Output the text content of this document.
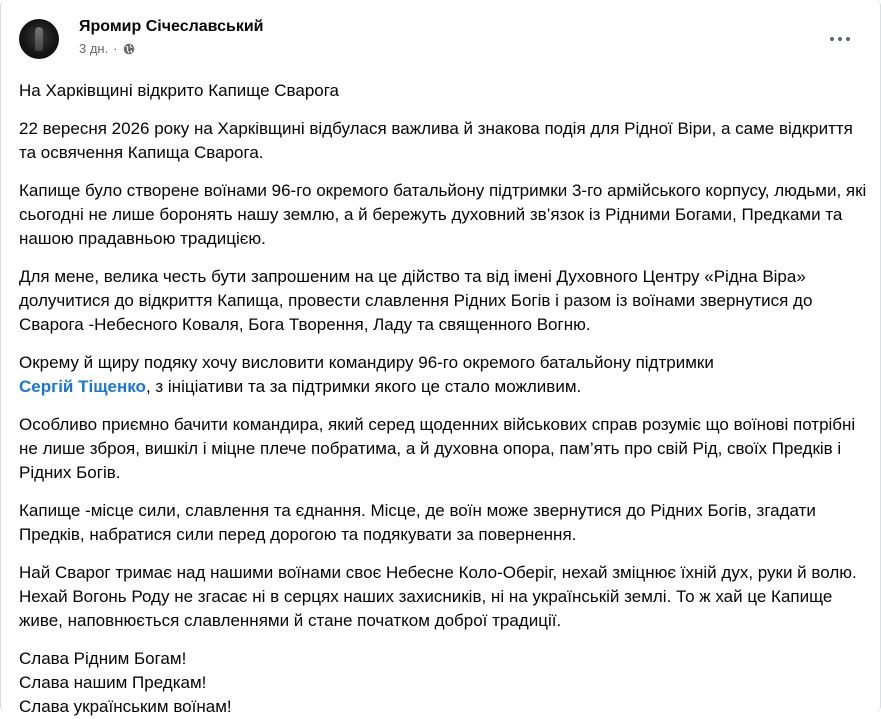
Яромир Січеславський
3 дн. ·

На Харківщині відкрито Капище Сварога

22 вересня 2026 року на Харківщині відбулася важлива й знакова подія для Рідної Віри, а саме відкриття та освячення Капища Сварога.

Капище було створене воїнами 96-го окремого батальйону підтримки 3-го армійського корпусу, людьми, які сьогодні не лише боронять нашу землю, а й бережуть духовний зв’язок із Рідними Богами, Предками та нашою прадавньою традицією.

Для мене, велика честь бути запрошеним на це дійство та від імені Духовного Центру «Рідна Віра» долучитися до відкриття Капища, провести славлення Рідних Богів і разом із воїнами звернутися до Сварога -Небесного Коваля, Бога Творення, Ладу та священного Вогню.

Окрему й щиру подяку хочу висловити командиру 96-го окремого батальйону підтримки
Сергій Тіщенко, з ініціативи та за підтримки якого це стало можливим.

Особливо приємно бачити командира, який серед щоденних військових справ розуміє що воїнові потрібні не лише зброя, вишкіл і міцне плече побратима, а й духовна опора, пам’ять про свій Рід, своїх Предків і Рідних Богів.

Капище -місце сили, славлення та єднання. Місце, де воїн може звернутися до Рідних Богів, згадати Предків, набратися сили перед дорогою та подякувати за повернення.

Най Сварог тримає над нашими воїнами своє Небесне Коло-Оберіг, нехай зміцнює їхній дух, руки й волю. Нехай Вогонь Роду не згасає ні в серцях наших захисників, ні на українській землі. То ж хай це Капище живе, наповнюється славленнями й стане початком доброї традиції.

Слава Рідним Богам!

Слава нашим Предкам!

Слава українським воїнам!
